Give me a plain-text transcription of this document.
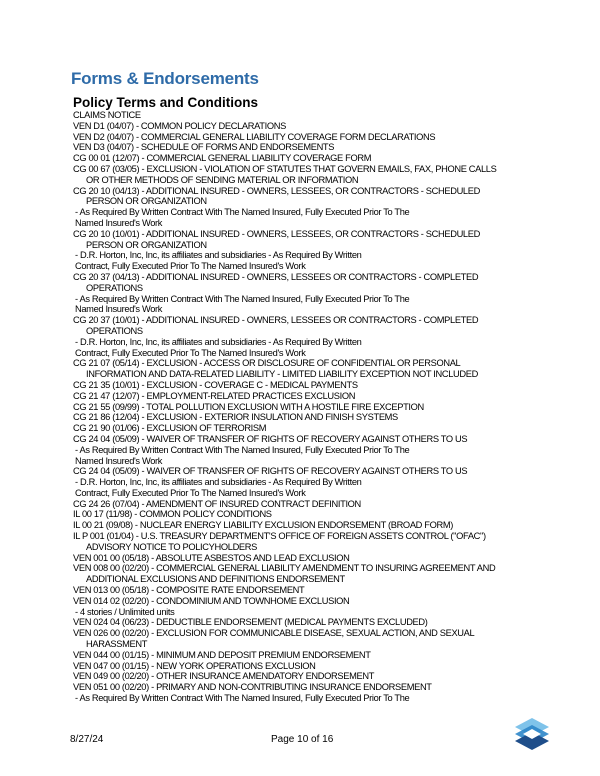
Forms & Endorsements
Policy Terms and Conditions
CLAIMS NOTICE
VEN D1 (04/07) - COMMON POLICY DECLARATIONS
VEN D2 (04/07) - COMMERCIAL GENERAL LIABILITY COVERAGE FORM DECLARATIONS
VEN D3 (04/07) - SCHEDULE OF FORMS AND ENDORSEMENTS
CG 00 01 (12/07) - COMMERCIAL GENERAL LIABILITY COVERAGE FORM
CG 00 67 (03/05) - EXCLUSION - VIOLATION OF STATUTES THAT GOVERN EMAILS, FAX, PHONE CALLS
OR OTHER METHODS OF SENDING MATERIAL OR INFORMATION
CG 20 10 (04/13) - ADDITIONAL INSURED - OWNERS, LESSEES, OR CONTRACTORS - SCHEDULED
PERSON OR ORGANIZATION
- As Required By Written Contract With The Named Insured, Fully Executed Prior To The
Named Insured's Work
CG 20 10 (10/01) - ADDITIONAL INSURED - OWNERS, LESSEES, OR CONTRACTORS - SCHEDULED
PERSON OR ORGANIZATION
- D.R. Horton, Inc, Inc, its affiliates and subsidiaries - As Required By Written
Contract, Fully Executed Prior To The Named Insured's Work
CG 20 37 (04/13) - ADDITIONAL INSURED - OWNERS, LESSEES OR CONTRACTORS - COMPLETED
OPERATIONS
- As Required By Written Contract With The Named Insured, Fully Executed Prior To The
Named Insured's Work
CG 20 37 (10/01) - ADDITIONAL INSURED - OWNERS, LESSEES OR CONTRACTORS - COMPLETED
OPERATIONS
- D.R. Horton, Inc, Inc, its affiliates and subsidiaries - As Required By Written
Contract, Fully Executed Prior To The Named Insured's Work
CG 21 07 (05/14) - EXCLUSION - ACCESS OR DISCLOSURE OF CONFIDENTIAL OR PERSONAL
INFORMATION AND DATA-RELATED LIABILITY - LIMITED LIABILITY EXCEPTION NOT INCLUDED
CG 21 35 (10/01) - EXCLUSION - COVERAGE C - MEDICAL PAYMENTS
CG 21 47 (12/07) - EMPLOYMENT-RELATED PRACTICES EXCLUSION
CG 21 55 (09/99) - TOTAL POLLUTION EXCLUSION WITH A HOSTILE FIRE EXCEPTION
CG 21 86 (12/04) - EXCLUSION - EXTERIOR INSULATION AND FINISH SYSTEMS
CG 21 90 (01/06) - EXCLUSION OF TERRORISM
CG 24 04 (05/09) - WAIVER OF TRANSFER OF RIGHTS OF RECOVERY AGAINST OTHERS TO US
- As Required By Written Contract With The Named Insured, Fully Executed Prior To The
Named Insured's Work
CG 24 04 (05/09) - WAIVER OF TRANSFER OF RIGHTS OF RECOVERY AGAINST OTHERS TO US
- D.R. Horton, Inc, Inc, its affiliates and subsidiaries - As Required By Written
Contract, Fully Executed Prior To The Named Insured's Work
CG 24 26 (07/04) - AMENDMENT OF INSURED CONTRACT DEFINITION
IL 00 17 (11/98) - COMMON POLICY CONDITIONS
IL 00 21 (09/08) - NUCLEAR ENERGY LIABILITY EXCLUSION ENDORSEMENT (BROAD FORM)
IL P 001 (01/04) - U.S. TREASURY DEPARTMENT'S OFFICE OF FOREIGN ASSETS CONTROL ("OFAC")
ADVISORY NOTICE TO POLICYHOLDERS
VEN 001 00 (05/18) - ABSOLUTE ASBESTOS AND LEAD EXCLUSION
VEN 008 00 (02/20) - COMMERCIAL GENERAL LIABILITY AMENDMENT TO INSURING AGREEMENT AND
ADDITIONAL EXCLUSIONS AND DEFINITIONS ENDORSEMENT
VEN 013 00 (05/18) - COMPOSITE RATE ENDORSEMENT
VEN 014 02 (02/20) - CONDOMINIUM AND TOWNHOME EXCLUSION
- 4 stories / Unlimited units
VEN 024 04 (06/23) - DEDUCTIBLE ENDORSEMENT (MEDICAL PAYMENTS EXCLUDED)
VEN 026 00 (02/20) - EXCLUSION FOR COMMUNICABLE DISEASE, SEXUAL ACTION, AND SEXUAL
HARASSMENT
VEN 044 00 (01/15) - MINIMUM AND DEPOSIT PREMIUM ENDORSEMENT
VEN 047 00 (01/15) - NEW YORK OPERATIONS EXCLUSION
VEN 049 00 (02/20) - OTHER INSURANCE AMENDATORY ENDORSEMENT
VEN 051 00 (02/20) - PRIMARY AND NON-CONTRIBUTING INSURANCE ENDORSEMENT
- As Required By Written Contract With The Named Insured, Fully Executed Prior To The
8/27/24	Page 10 of 16
